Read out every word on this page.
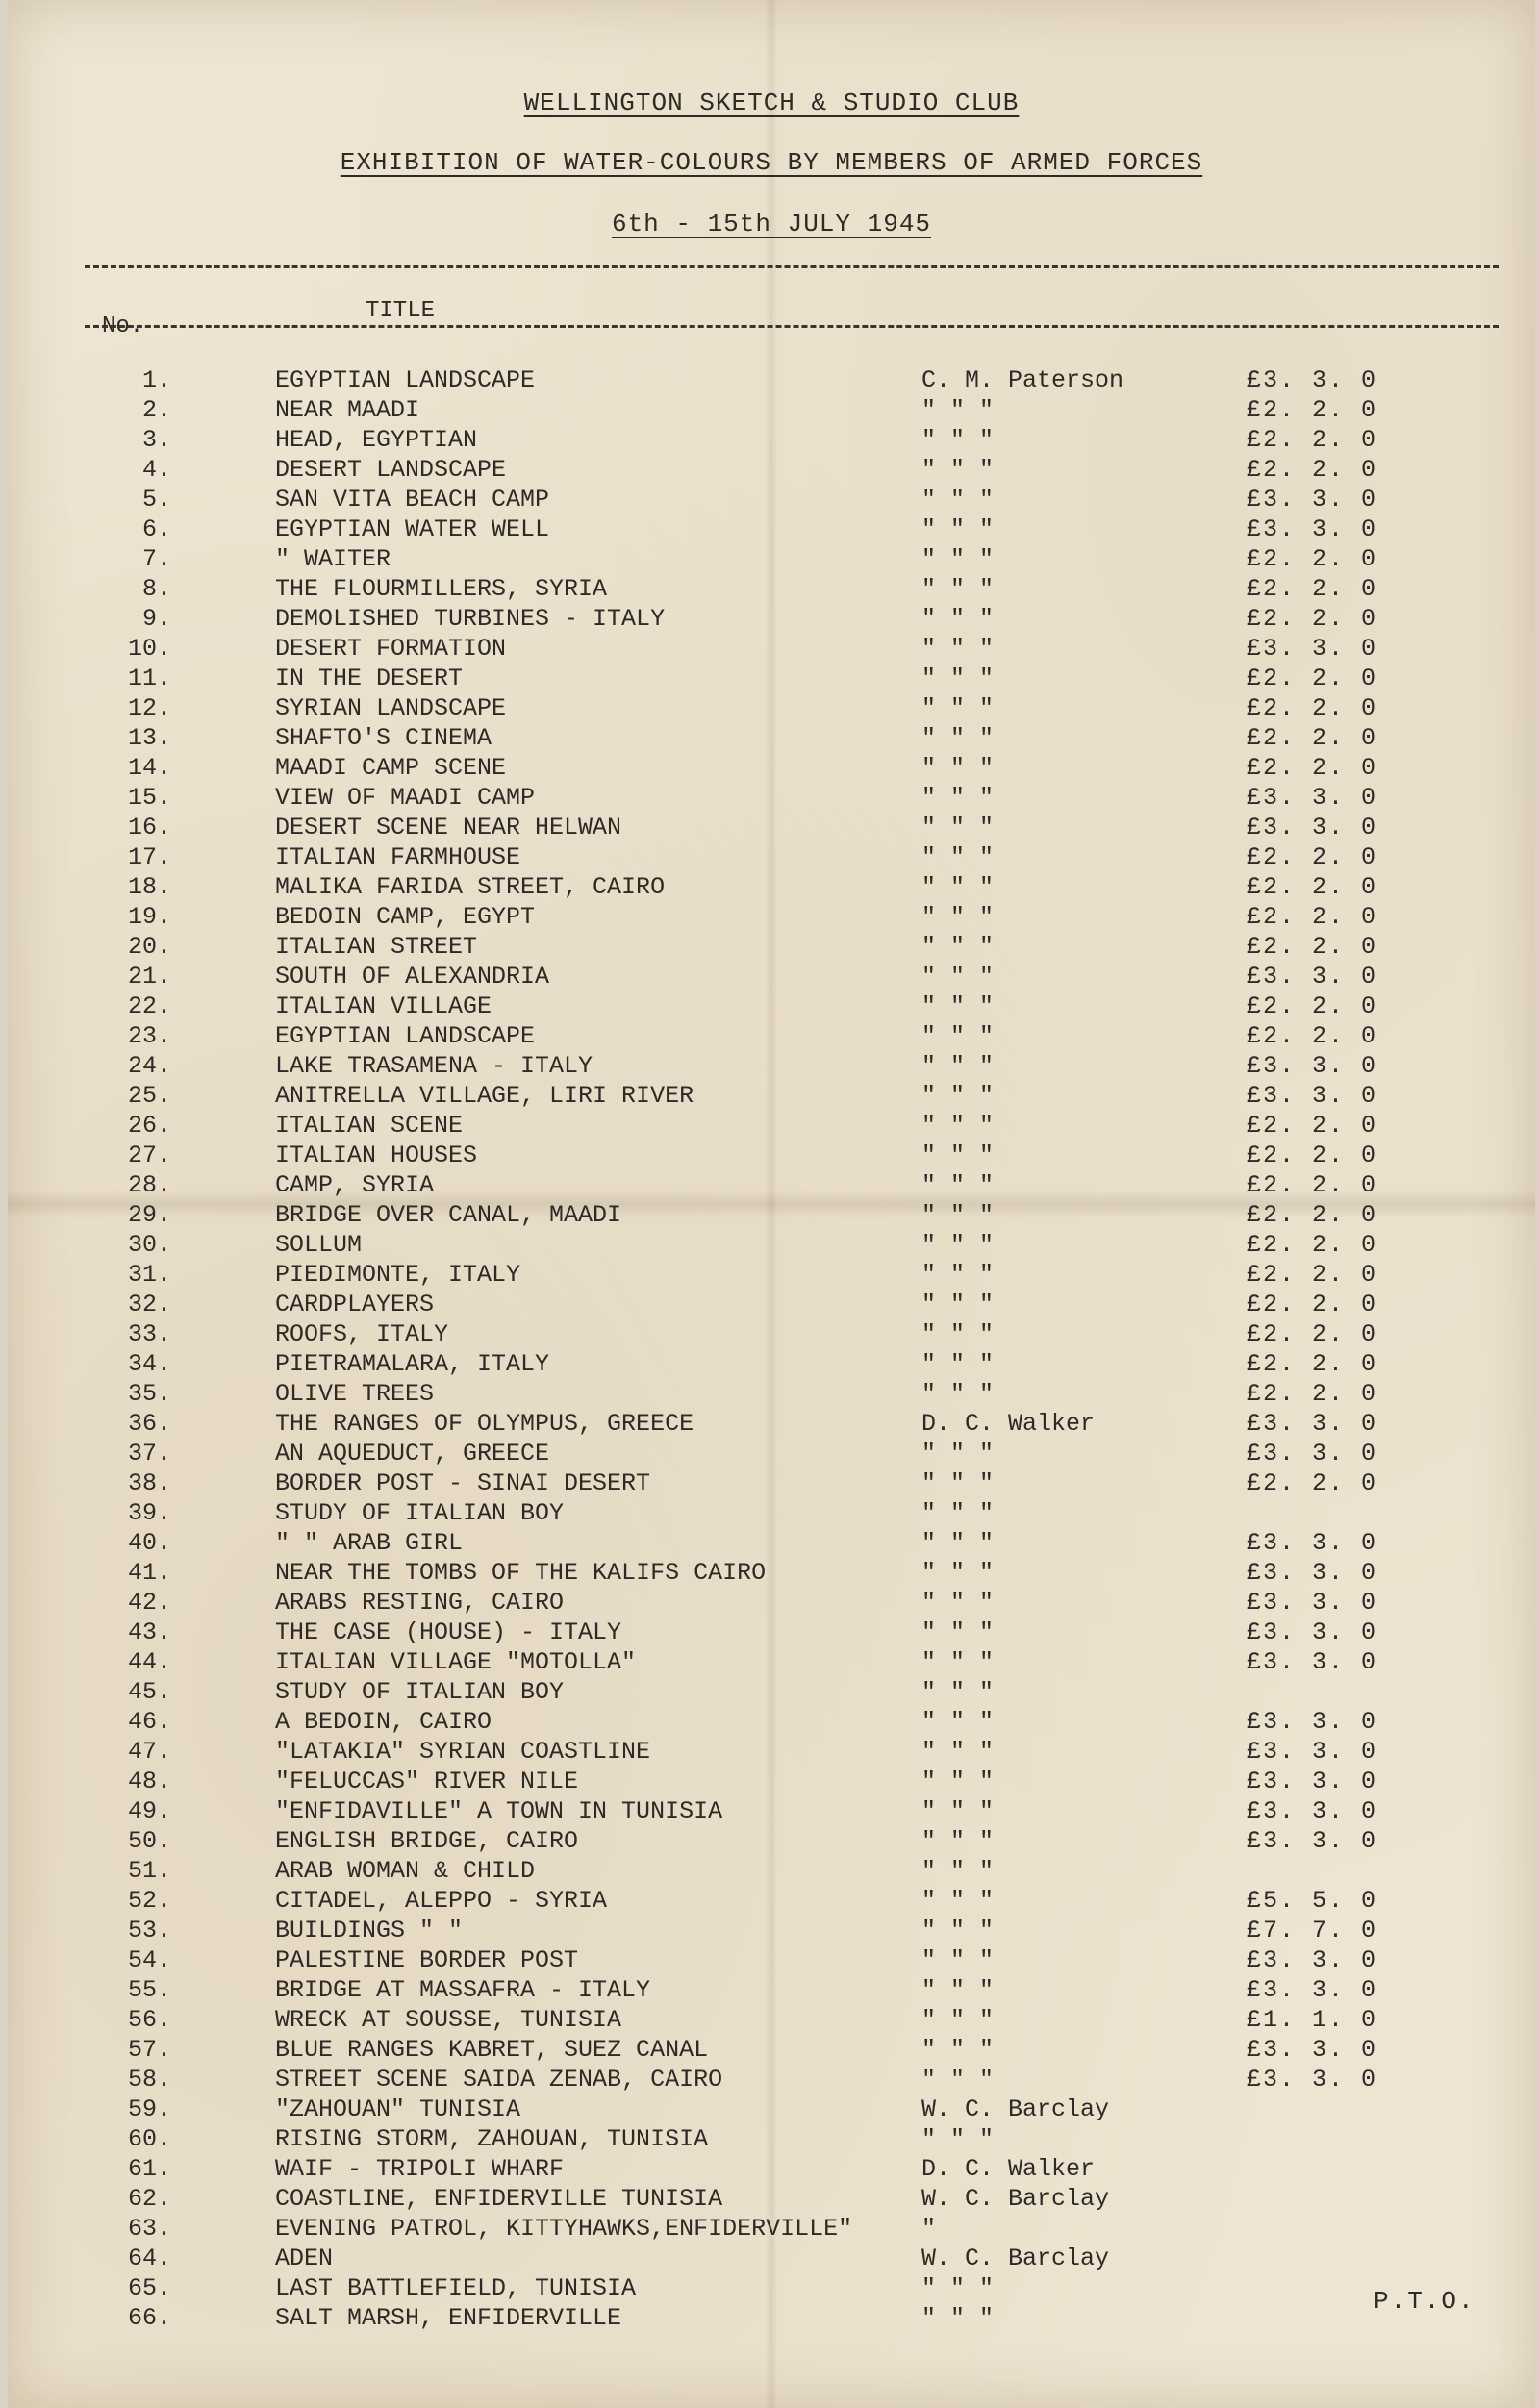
WELLINGTON SKETCH & STUDIO CLUB
EXHIBITION OF WATER-COLOURS BY MEMBERS OF ARMED FORCES
6th - 15th JULY 1945
TITLE
No.
1.	EGYPTIAN LANDSCAPE	C. M. Paterson	£3. 3. 0
2.	NEAR MAADI	" " "	£2. 2. 0
3.	HEAD, EGYPTIAN	" " "	£2. 2. 0
4.	DESERT LANDSCAPE	" " "	£2. 2. 0
5.	SAN VITA BEACH CAMP	" " "	£3. 3. 0
6.	EGYPTIAN WATER WELL	" " "	£3. 3. 0
7.	" WAITER	" " "	£2. 2. 0
8.	THE FLOURMILLERS, SYRIA	" " "	£2. 2. 0
9.	DEMOLISHED TURBINES - ITALY	" " "	£2. 2. 0
10.	DESERT FORMATION	" " "	£3. 3. 0
11.	IN THE DESERT	" " "	£2. 2. 0
12.	SYRIAN LANDSCAPE	" " "	£2. 2. 0
13.	SHAFTO'S CINEMA	" " "	£2. 2. 0
14.	MAADI CAMP SCENE	" " "	£2. 2. 0
15.	VIEW OF MAADI CAMP	" " "	£3. 3. 0
16.	DESERT SCENE NEAR HELWAN	" " "	£3. 3. 0
17.	ITALIAN FARMHOUSE	" " "	£2. 2. 0
18.	MALIKA FARIDA STREET, CAIRO	" " "	£2. 2. 0
19.	BEDOIN CAMP, EGYPT	" " "	£2. 2. 0
20.	ITALIAN STREET	" " "	£2. 2. 0
21.	SOUTH OF ALEXANDRIA	" " "	£3. 3. 0
22.	ITALIAN VILLAGE	" " "	£2. 2. 0
23.	EGYPTIAN LANDSCAPE	" " "	£2. 2. 0
24.	LAKE TRASAMENA - ITALY	" " "	£3. 3. 0
25.	ANITRELLA VILLAGE, LIRI RIVER	" " "	£3. 3. 0
26.	ITALIAN SCENE	" " "	£2. 2. 0
27.	ITALIAN HOUSES	" " "	£2. 2. 0
28.	CAMP, SYRIA	" " "	£2. 2. 0
29.	BRIDGE OVER CANAL, MAADI	" " "	£2. 2. 0
30.	SOLLUM	" " "	£2. 2. 0
31.	PIEDIMONTE, ITALY	" " "	£2. 2. 0
32.	CARDPLAYERS	" " "	£2. 2. 0
33.	ROOFS, ITALY	" " "	£2. 2. 0
34.	PIETRAMALARA, ITALY	" " "	£2. 2. 0
35.	OLIVE TREES	" " "	£2. 2. 0
36.	THE RANGES OF OLYMPUS, GREECE	D. C. Walker	£3. 3. 0
37.	AN AQUEDUCT, GREECE	" " "	£3. 3. 0
38.	BORDER POST - SINAI DESERT	" " "	£2. 2. 0
39.	STUDY OF ITALIAN BOY	" " "
40.	" " ARAB GIRL	" " "	£3. 3. 0
41.	NEAR THE TOMBS OF THE KALIFS CAIRO	" " "	£3. 3. 0
42.	ARABS RESTING, CAIRO	" " "	£3. 3. 0
43.	THE CASE (HOUSE) - ITALY	" " "	£3. 3. 0
44.	ITALIAN VILLAGE "MOTOLLA"	" " "	£3. 3. 0
45.	STUDY OF ITALIAN BOY	" " "
46.	A BEDOIN, CAIRO	" " "	£3. 3. 0
47.	"LATAKIA" SYRIAN COASTLINE	" " "	£3. 3. 0
48.	"FELUCCAS" RIVER NILE	" " "	£3. 3. 0
49.	"ENFIDAVILLE" A TOWN IN TUNISIA	" " "	£3. 3. 0
50.	ENGLISH BRIDGE, CAIRO	" " "	£3. 3. 0
51.	ARAB WOMAN & CHILD	" " "
52.	CITADEL, ALEPPO - SYRIA	" " "	£5. 5. 0
53.	BUILDINGS " "	" " "	£7. 7. 0
54.	PALESTINE BORDER POST	" " "	£3. 3. 0
55.	BRIDGE AT MASSAFRA - ITALY	" " "	£3. 3. 0
56.	WRECK AT SOUSSE, TUNISIA	" " "	£1. 1. 0
57.	BLUE RANGES KABRET, SUEZ CANAL	" " "	£3. 3. 0
58.	STREET SCENE SAIDA ZENAB, CAIRO	" " "	£3. 3. 0
59.	"ZAHOUAN" TUNISIA	W. C. Barclay
60.	RISING STORM, ZAHOUAN, TUNISIA	" " "
61.	WAIF - TRIPOLI WHARF	D. C. Walker
62.	COASTLINE, ENFIDERVILLE TUNISIA	W. C. Barclay
63.	EVENING PATROL, KITTYHAWKS,ENFIDERVILLE"	"
64.	ADEN	W. C. Barclay
65.	LAST BATTLEFIELD, TUNISIA	" " "
66.	SALT MARSH, ENFIDERVILLE	" " "
P.T.O.
